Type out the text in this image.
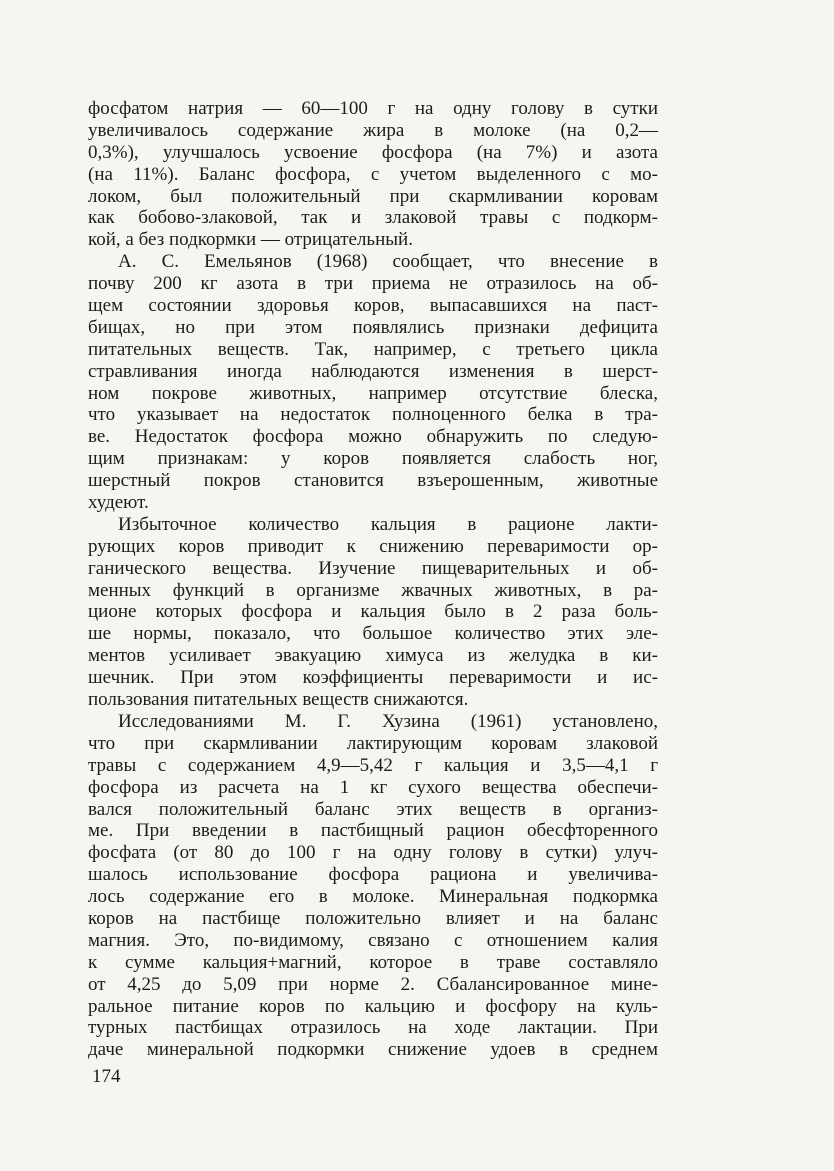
фосфатом натрия — 60—100 г на одну голову в сутки
увеличивалось содержание жира в молоке (на 0,2—
0,3%), улучшалось усвоение фосфора (на 7%) и азота
(на 11%). Баланс фосфора, с учетом выделенного с мо-
локом, был положительный при скармливании коровам
как бобово-злаковой, так и злаковой травы с подкорм-
кой, а без подкормки — отрицательный.
А. С. Емельянов (1968) сообщает, что внесение в
почву 200 кг азота в три приема не отразилось на об-
щем состоянии здоровья коров, выпасавшихся на паст-
бищах, но при этом появлялись признаки дефицита
питательных веществ. Так, например, с третьего цикла
стравливания иногда наблюдаются изменения в шерст-
ном покрове животных, например отсутствие блеска,
что указывает на недостаток полноценного белка в тра-
ве. Недостаток фосфора можно обнаружить по следую-
щим признакам: у коров появляется слабость ног,
шерстный покров становится взъерошенным, животные
худеют.
Избыточное количество кальция в рационе лакти-
рующих коров приводит к снижению переваримости ор-
ганического вещества. Изучение пищеварительных и об-
менных функций в организме жвачных животных, в ра-
ционе которых фосфора и кальция было в 2 раза боль-
ше нормы, показало, что большое количество этих эле-
ментов усиливает эвакуацию химуса из желудка в ки-
шечник. При этом коэффициенты переваримости и ис-
пользования питательных веществ снижаются.
Исследованиями М. Г. Хузина (1961) установлено,
что при скармливании лактирующим коровам злаковой
травы с содержанием 4,9—5,42 г кальция и 3,5—4,1 г
фосфора из расчета на 1 кг сухого вещества обеспечи-
вался положительный баланс этих веществ в организ-
ме. При введении в пастбищный рацион обесфторенного
фосфата (от 80 до 100 г на одну голову в сутки) улуч-
шалось использование фосфора рациона и увеличива-
лось содержание его в молоке. Минеральная подкормка
коров на пастбище положительно влияет и на баланс
магния. Это, по-видимому, связано с отношением калия
к сумме кальция+магний, которое в траве составляло
от 4,25 до 5,09 при норме 2. Сбалансированное мине-
ральное питание коров по кальцию и фосфору на куль-
турных пастбищах отразилось на ходе лактации. При
даче минеральной подкормки снижение удоев в среднем
174
